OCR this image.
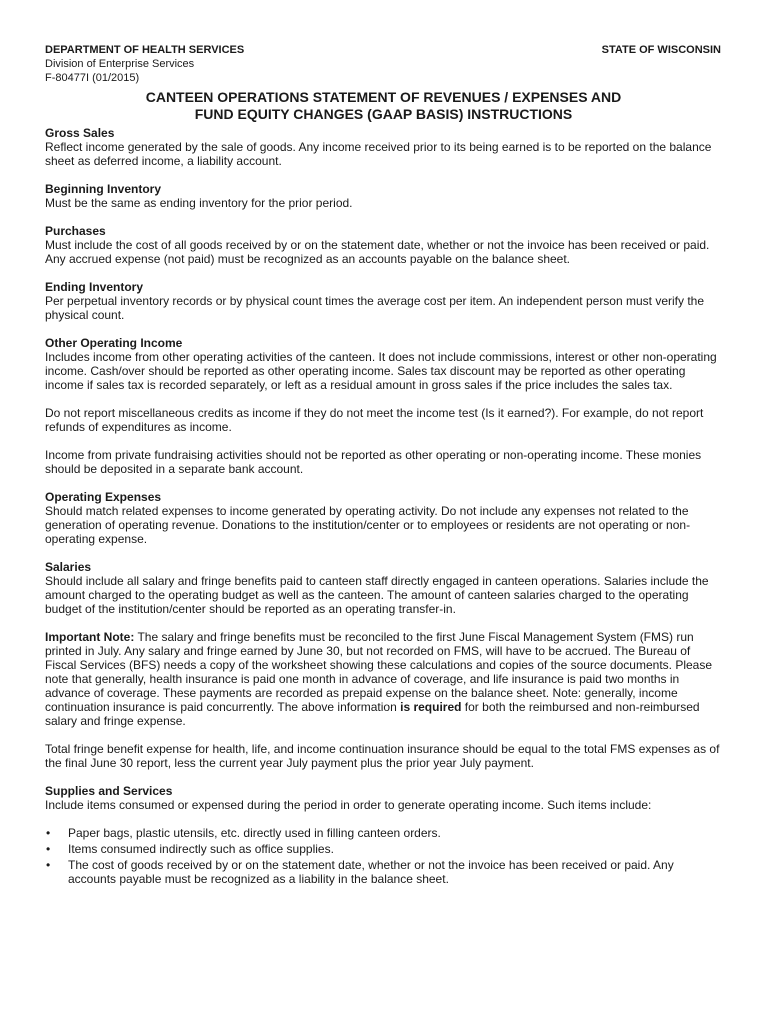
DEPARTMENT OF HEALTH SERVICES
Division of Enterprise Services
F-80477I (01/2015)
STATE OF WISCONSIN
CANTEEN OPERATIONS STATEMENT OF REVENUES / EXPENSES AND
FUND EQUITY CHANGES (GAAP BASIS) INSTRUCTIONS
Gross Sales

Reflect income generated by the sale of goods. Any income received prior to its being earned is to be reported on the balance sheet as deferred income, a liability account.

Beginning Inventory

Must be the same as ending inventory for the prior period.

Purchases

Must include the cost of all goods received by or on the statement date, whether or not the invoice has been received or paid. Any accrued expense (not paid) must be recognized as an accounts payable on the balance sheet.

Ending Inventory

Per perpetual inventory records or by physical count times the average cost per item. An independent person must verify the physical count.

Other Operating Income

Includes income from other operating activities of the canteen. It does not include commissions, interest or other non-operating income. Cash/over should be reported as other operating income. Sales tax discount may be reported as other operating income if sales tax is recorded separately, or left as a residual amount in gross sales if the price includes the sales tax.

Do not report miscellaneous credits as income if they do not meet the income test (Is it earned?). For example, do not report refunds of expenditures as income.

Income from private fundraising activities should not be reported as other operating or non-operating income. These monies should be deposited in a separate bank account.

Operating Expenses

Should match related expenses to income generated by operating activity. Do not include any expenses not related to the generation of operating revenue. Donations to the institution/center or to employees or residents are not operating or non-operating expense.

Salaries

Should include all salary and fringe benefits paid to canteen staff directly engaged in canteen operations. Salaries include the amount charged to the operating budget as well as the canteen. The amount of canteen salaries charged to the operating budget of the institution/center should be reported as an operating transfer-in.

Important Note: The salary and fringe benefits must be reconciled to the first June Fiscal Management System (FMS) run printed in July. Any salary and fringe earned by June 30, but not recorded on FMS, will have to be accrued. The Bureau of Fiscal Services (BFS) needs a copy of the worksheet showing these calculations and copies of the source documents. Please note that generally, health insurance is paid one month in advance of coverage, and life insurance is paid two months in advance of coverage. These payments are recorded as prepaid expense on the balance sheet. Note: generally, income continuation insurance is paid concurrently. The above information is required for both the reimbursed and non-reimbursed salary and fringe expense.

Total fringe benefit expense for health, life, and income continuation insurance should be equal to the total FMS expenses as of the final June 30 report, less the current year July payment plus the prior year July payment.

Supplies and Services

Include items consumed or expensed during the period in order to generate operating income. Such items include:

• Paper bags, plastic utensils, etc. directly used in filling canteen orders.
• Items consumed indirectly such as office supplies.
• The cost of goods received by or on the statement date, whether or not the invoice has been received or paid. Any accounts payable must be recognized as a liability in the balance sheet.
